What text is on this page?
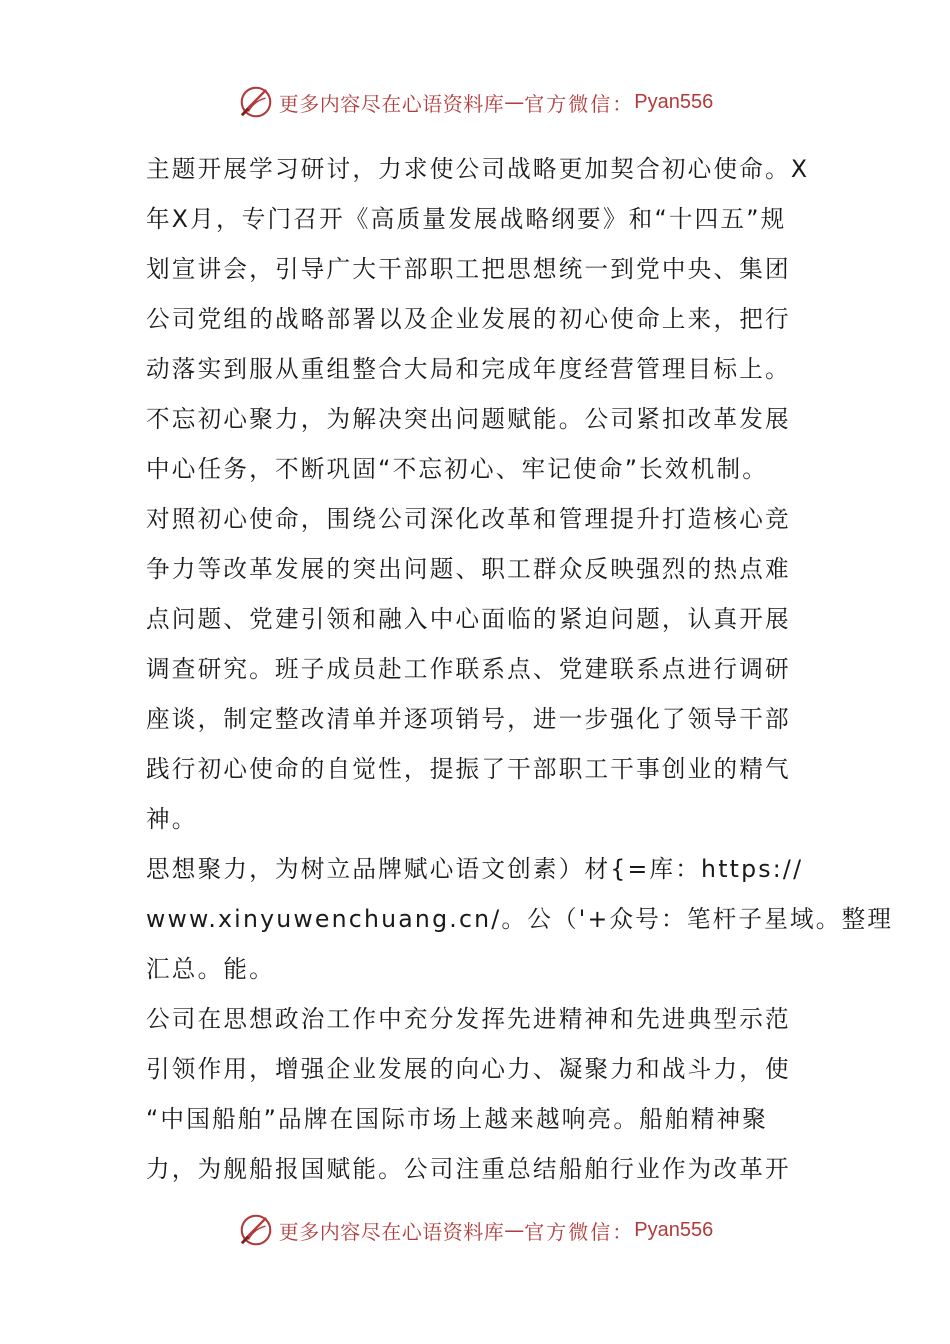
更多内容尽在心语资料库 — 官方微信： Pyan556
主题开展学习研讨，力求使公司战略更加契合初心使命。X
年X月，专门召开《高质量发展战略纲要》和“十四五”规
划宣讲会，引导广大干部职工把思想统一到党中央、集团
公司党组的战略部署以及企业发展的初心使命上来，把行
动落实到服从重组整合大局和完成年度经营管理目标上。
不忘初心聚力，为解决突出问题赋能。公司紧扣改革发展
中心任务，不断巩固“不忘初心、牢记使命”长效机制。
对照初心使命，围绕公司深化改革和管理提升打造核心竞
争力等改革发展的突出问题、职工群众反映强烈的热点难
点问题、党建引领和融入中心面临的紧迫问题，认真开展
调查研究。班子成员赴工作联系点、党建联系点进行调研
座谈，制定整改清单并逐项销号，进一步强化了领导干部
践行初心使命的自觉性，提振了干部职工干事创业的精气
神。
思想聚力，为树立品牌赋心语文创素）材{=库：https://
www.xinyuwenchuang.cn/。公（'+众号：笔杆子星域。整理
汇总。能。
公司在思想政治工作中充分发挥先进精神和先进典型示范
引领作用，增强企业发展的向心力、凝聚力和战斗力，使
“中国船舶”品牌在国际市场上越来越响亮。船舶精神聚
力，为舰船报国赋能。公司注重总结船舶行业作为改革开
更多内容尽在心语资料库 — 官方微信： Pyan556
